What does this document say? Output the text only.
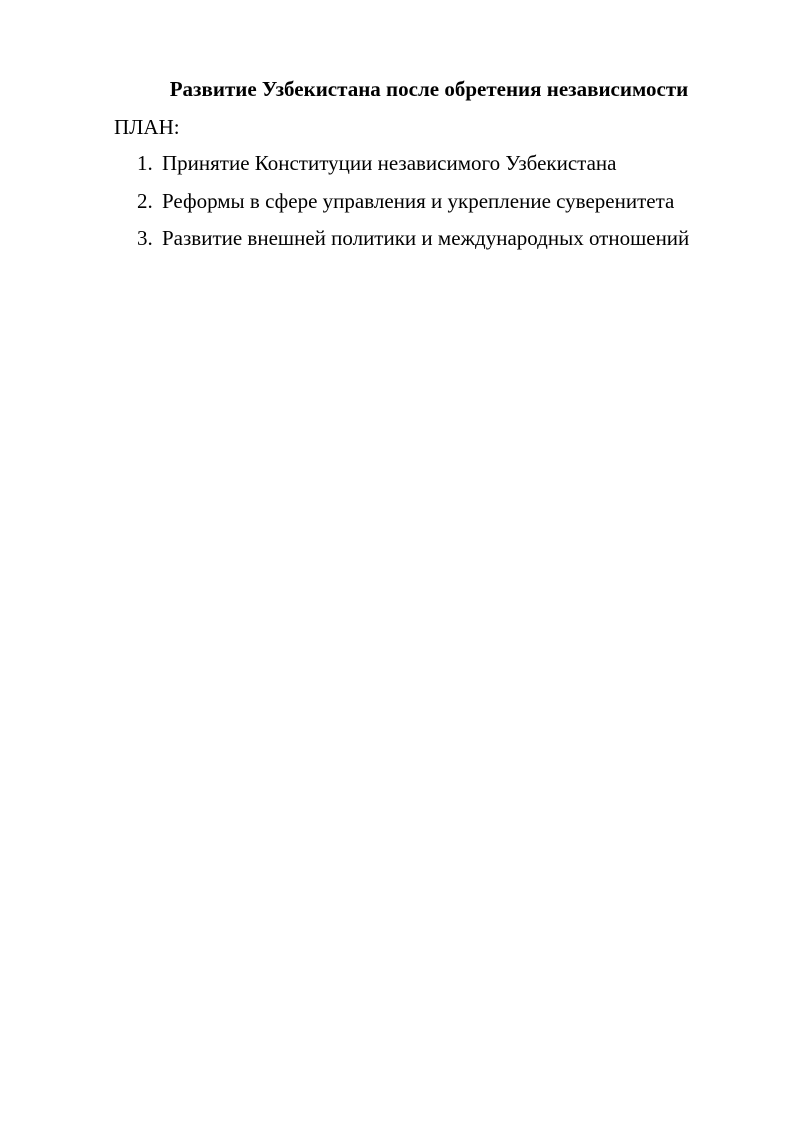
Развитие Узбекистана после обретения независимости
ПЛАН:
1. Принятие Конституции независимого Узбекистана
2. Реформы в сфере управления и укрепление суверенитета
3. Развитие внешней политики и международных отношений
